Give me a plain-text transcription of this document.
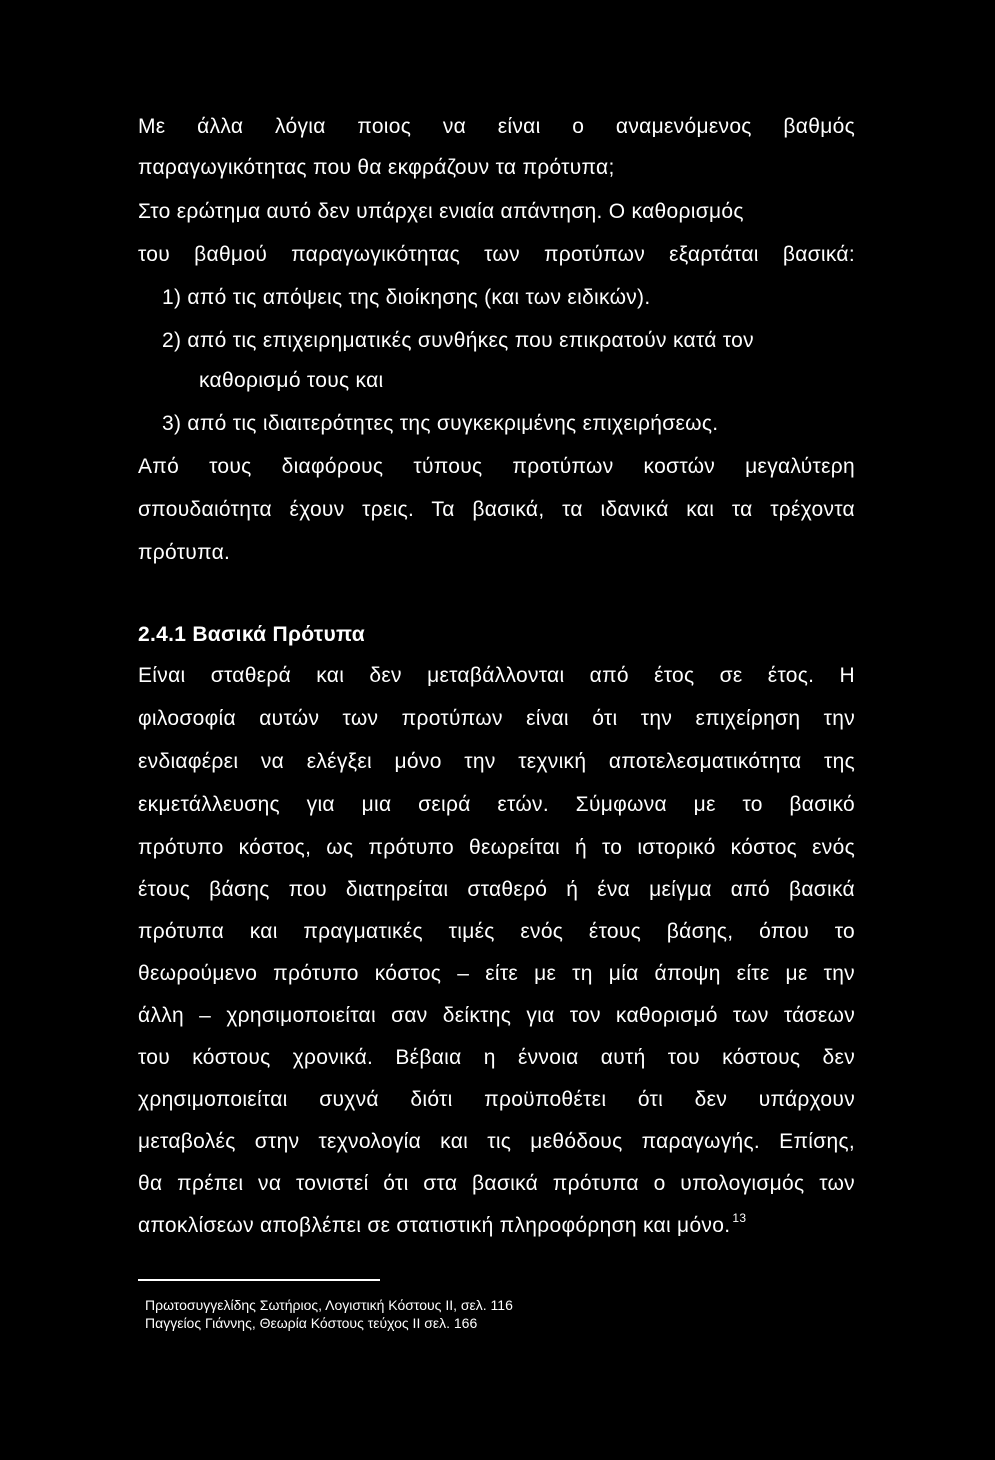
Με άλλα λόγια ποιος να είναι ο αναμενόμενος βαθμός
παραγωγικότητας που θα εκφράζουν τα πρότυπα;
Στο ερώτημα αυτό δεν υπάρχει ενιαία απάντηση. Ο καθορισμός
του βαθμού παραγωγικότητας των προτύπων εξαρτάται βασικά:
1) από τις απόψεις της διοίκησης (και των ειδικών).
2) από τις επιχειρηματικές συνθήκες που επικρατούν κατά τον
καθορισμό τους και
3) από τις ιδιαιτερότητες της συγκεκριμένης επιχειρήσεως.
Από τους διαφόρους τύπους προτύπων κοστών μεγαλύτερη
σπουδαιότητα έχουν τρεις. Τα βασικά, τα ιδανικά και τα τρέχοντα
πρότυπα.
2.4.1 Βασικά Πρότυπα
Είναι σταθερά και δεν μεταβάλλονται από έτος σε έτος. Η
φιλοσοφία αυτών των προτύπων είναι ότι την επιχείρηση την
ενδιαφέρει να ελέγξει μόνο την τεχνική αποτελεσματικότητα της
εκμετάλλευσης για μια σειρά ετών. Σύμφωνα με το βασικό
πρότυπο κόστος, ως πρότυπο θεωρείται ή το ιστορικό κόστος ενός
έτους βάσης που διατηρείται σταθερό ή ένα μείγμα από βασικά
πρότυπα και πραγματικές τιμές ενός έτους βάσης, όπου το
θεωρούμενο πρότυπο κόστος – είτε με τη μία άποψη είτε με την
άλλη – χρησιμοποιείται σαν δείκτης για τον καθορισμό των τάσεων
του κόστους χρονικά. Βέβαια η έννοια αυτή του κόστους δεν
χρησιμοποιείται συχνά διότι προϋποθέτει ότι δεν υπάρχουν
μεταβολές στην τεχνολογία και τις μεθόδους παραγωγής. Επίσης,
θα πρέπει να τονιστεί ότι στα βασικά πρότυπα ο υπολογισμός των
αποκλίσεων αποβλέπει σε στατιστική πληροφόρηση και μόνο. $^{13}$
Πρωτοσυγγελίδης Σωτήριος, Λογιστική Κόστους ΙΙ, σελ. 116
Παγγείος Γιάννης, Θεωρία Κόστους τεύχος ΙΙ σελ. 166
